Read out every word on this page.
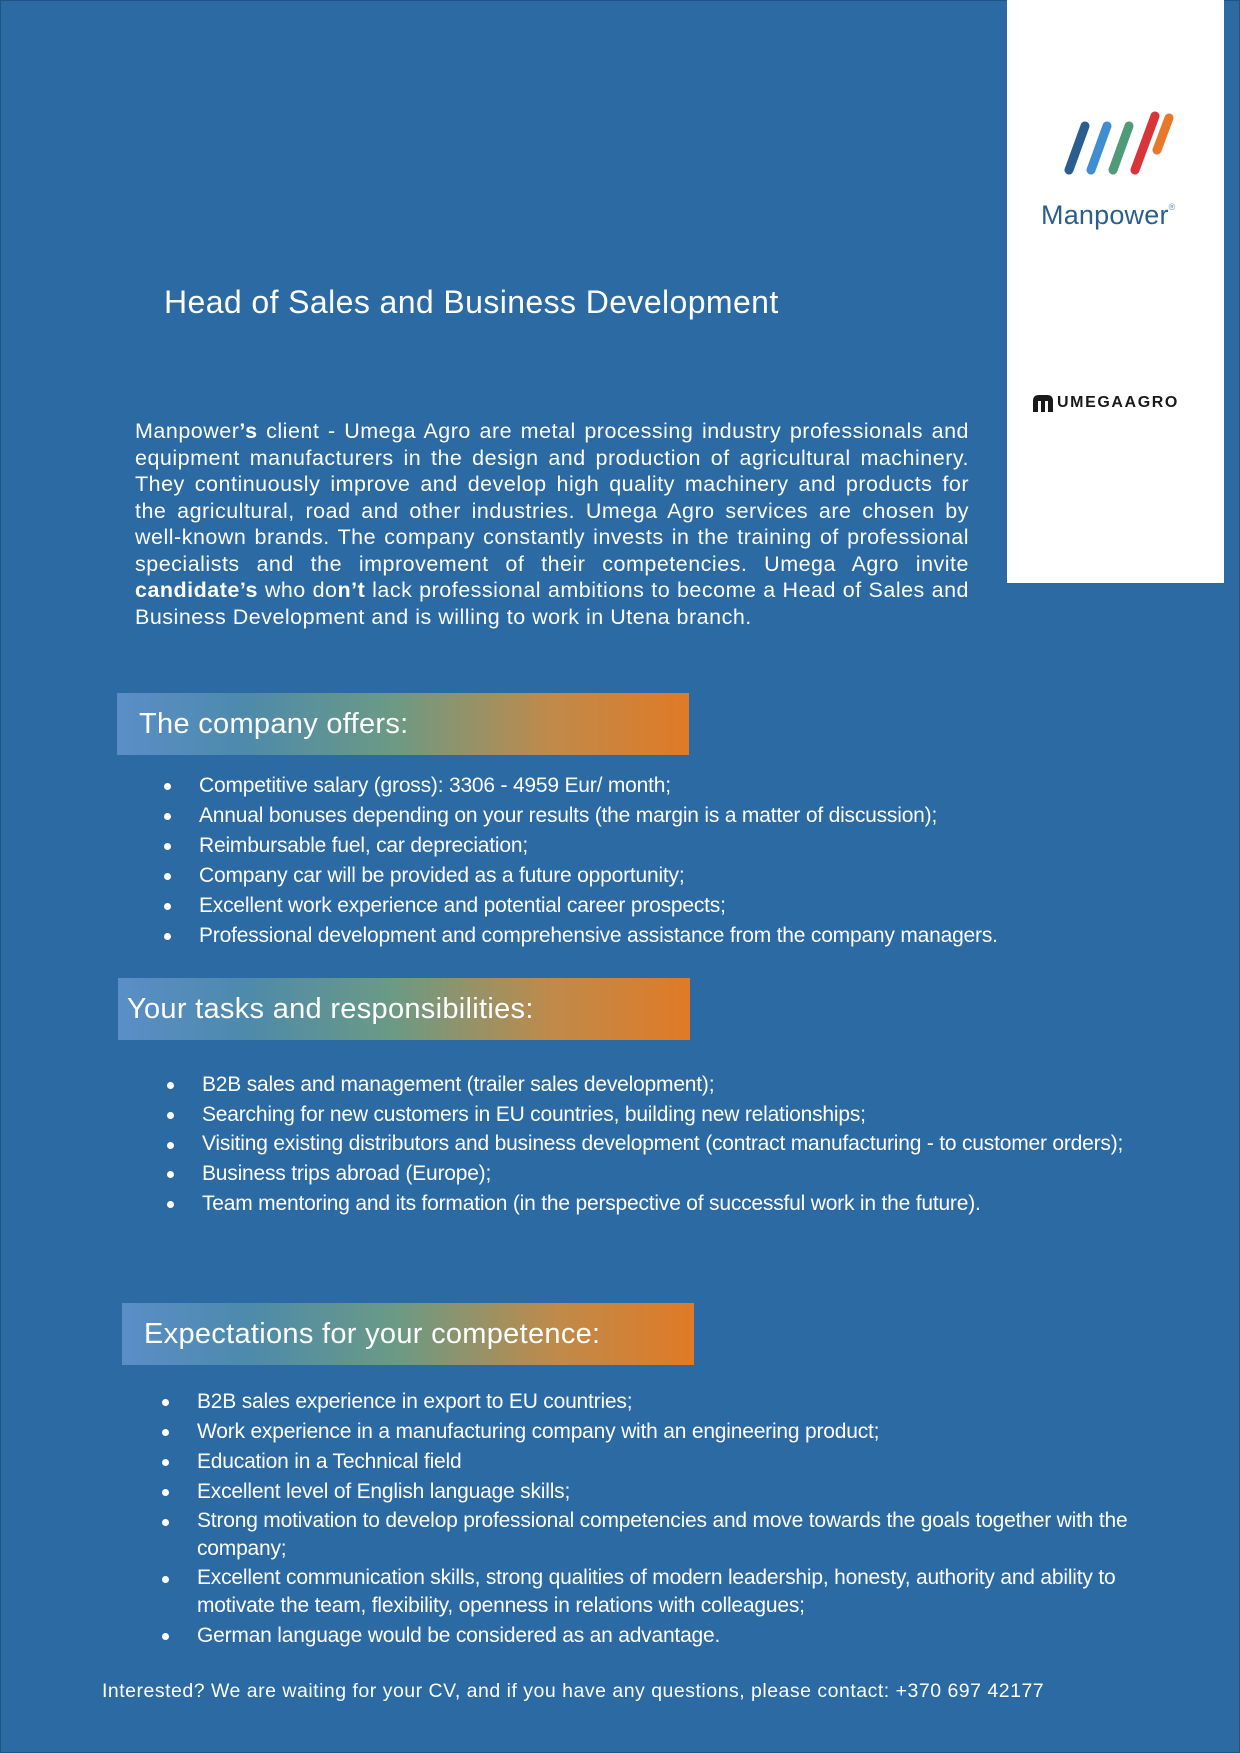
Manpower®
UMEGAAGRO
Head of Sales and Business Development

Manpower’s client - Umega Agro are metal processing industry professionals and equipment manufacturers in the design and production of agricultural machinery. They continuously improve and develop high quality machinery and products for the agricultural, road and other industries. Umega Agro services are chosen by well-known brands. The company constantly invests in the training of professional specialists and the improvement of their competencies. Umega Agro invite candidate’s who don’t lack professional ambitions to become a Head of Sales and Business Development and is willing to work in Utena branch.

The company offers:
Competitive salary (gross): 3306 - 4959 Eur/ month;
Annual bonuses depending on your results (the margin is a matter of discussion);
Reimbursable fuel, car depreciation;
Company car will be provided as a future opportunity;
Excellent work experience and potential career prospects;
Professional development and comprehensive assistance from the company managers.
Your tasks and responsibilities:
B2B sales and management (trailer sales development);
Searching for new customers in EU countries, building new relationships;
Visiting existing distributors and business development (contract manufacturing - to customer orders);
Business trips abroad (Europe);
Team mentoring and its formation (in the perspective of successful work in the future).
Expectations for your competence:
B2B sales experience in export to EU countries;
Work experience in a manufacturing company with an engineering product;
Education in a Technical field
Excellent level of English language skills;
Strong motivation to develop professional competencies and move towards the goals together with the company;
Excellent communication skills, strong qualities of modern leadership, honesty, authority and ability to motivate the team, flexibility, openness in relations with colleagues;
German language would be considered as an advantage.

Interested? We are waiting for your CV, and if you have any questions, please contact: +370 697 42177
